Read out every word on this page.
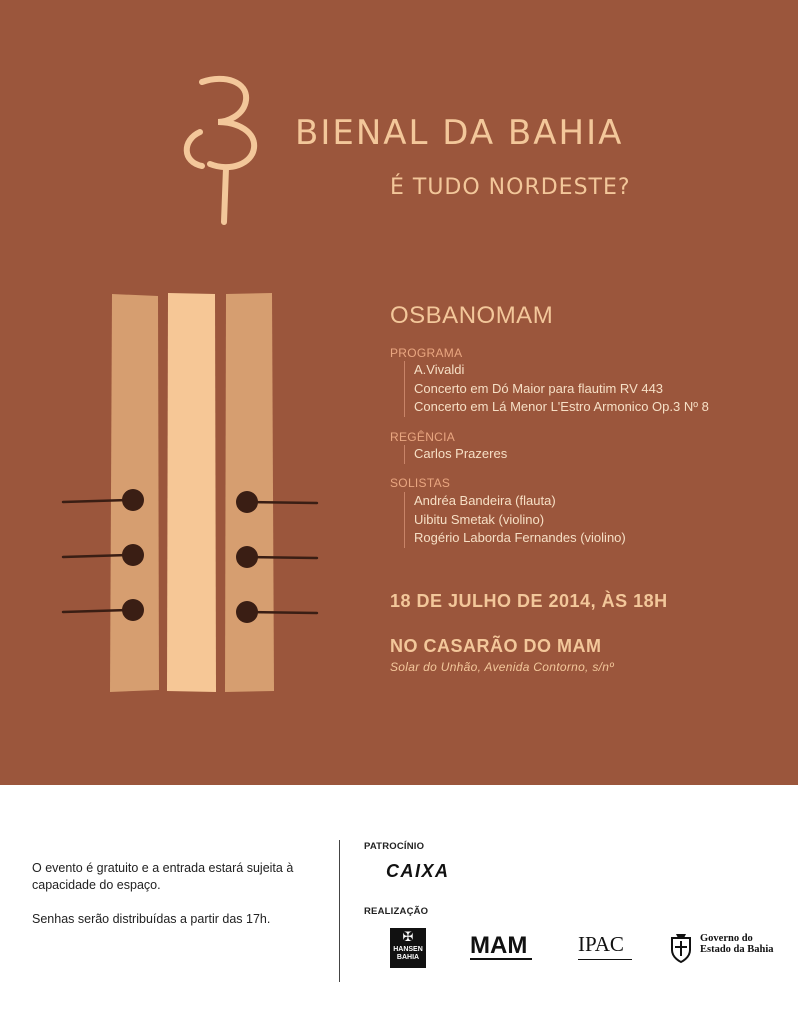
BIENAL DA BAHIA
É TUDO NORDESTE?
OSBANOMAM
PROGRAMA
A.Vivaldi
Concerto em Dó Maior para flautim RV 443
Concerto em Lá Menor L'Estro Armonico Op.3 Nº 8
REGÊNCIA
Carlos Prazeres
SOLISTAS
Andréa Bandeira (flauta)
Uibitu Smetak (violino)
Rogério Laborda Fernandes (violino)
18 DE JULHO DE 2014, ÀS 18H
NO CASARÃO DO MAM
Solar do Unhão, Avenida Contorno, s/nº

O evento é gratuito e a entrada estará sujeita à capacidade do espaço.

Senhas serão distribuídas a partir das 17h.

PATROCÍNIO
CAIXA
REALIZAÇÃO
✠
HANSEN BAHIA MAM IPAC	Governo do
Estado da Bahia
